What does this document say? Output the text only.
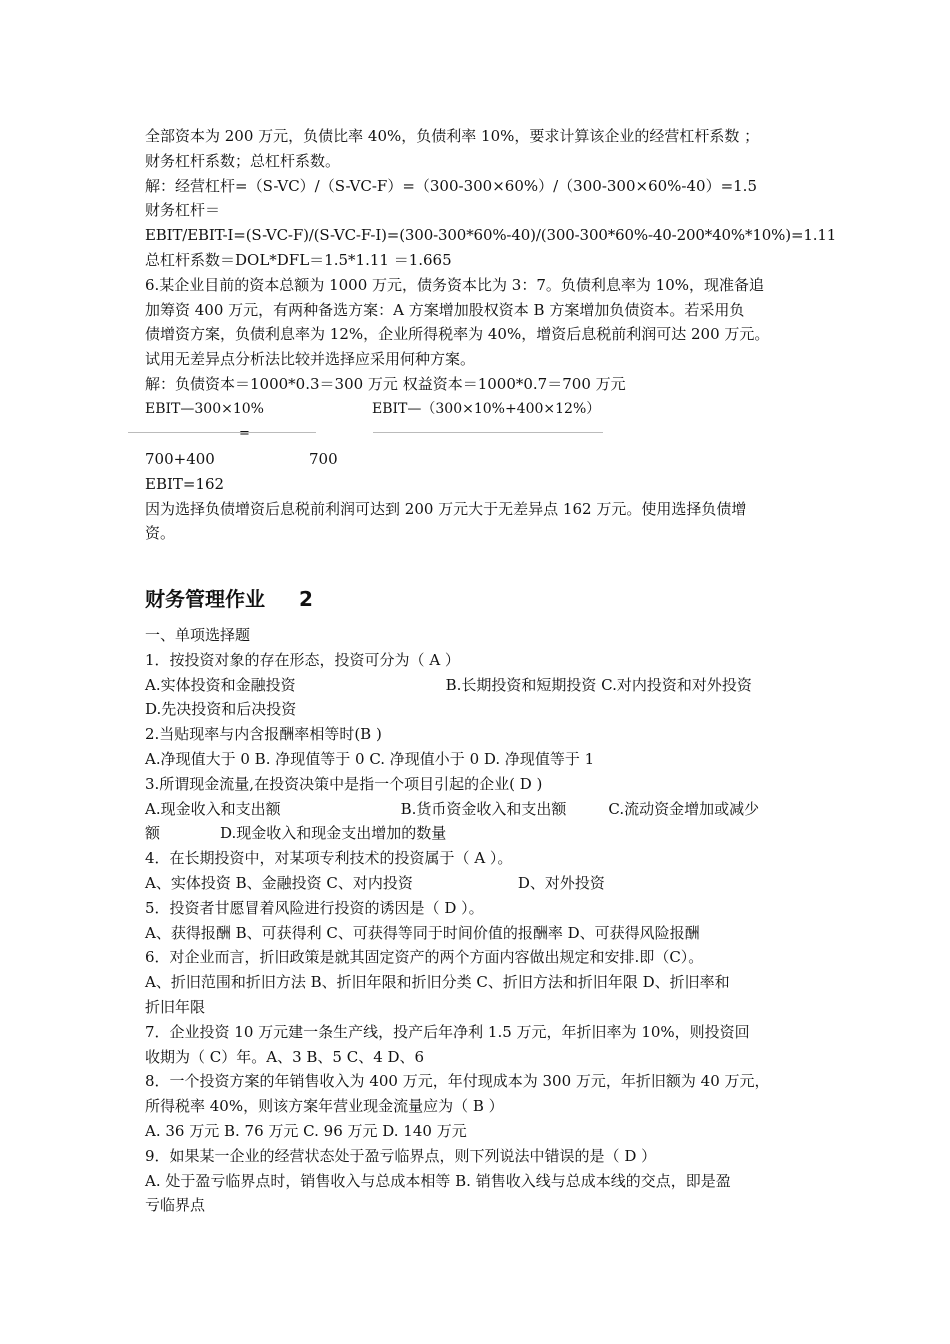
全部资本为 200 万元，负债比率 40%，负债利率 10%，要求计算该企业的经营杠杆系数 ；
财务杠杆系数；总杠杆系数。
解：经营杠杆=（S-VC）/（S-VC-F）=（300-300×60%）/（300-300×60%-40）=1.5
财务杠杆＝
EBIT/EBIT-I=(S-VC-F)/(S-VC-F-I)=(300-300*60%-40)/(300-300*60%-40-200*40%*10%)=1.11
总杠杆系数＝DOL*DFL＝1.5*1.11 ＝1.665
6.某企业目前的资本总额为 1000 万元，债务资本比为 3：7。负债利息率为 10%，现准备追
加筹资 400 万元，有两种备选方案：A 方案增加股权资本 B 方案增加负债资本。若采用负
债增资方案，负债利息率为 12%，企业所得税率为 40%，增资后息税前利润可达 200 万元。
试用无差异点分析法比较并选择应采用何种方案。
解：负债资本＝1000*0.3＝300 万元 权益资本＝1000*0.7＝700 万元
EBIT—300×10%	EBIT—（300×10%+400×12%）
=
700+400	700
EBIT=162
因为选择负债增资后息税前利润可达到 200 万元大于无差异点 162 万元。使用选择负债增
资。
财务管理作业 2
一、单项选择题
1．按投资对象的存在形态，投资可分为（ A ）
A.实体投资和金融投资	B.长期投资和短期投资 C.对内投资和对外投资
D.先决投资和后决投资
2.当贴现率与内含报酬率相等时(B )
A.净现值大于 0 B. 净现值等于 0 C. 净现值小于 0 D. 净现值等于 1
3.所谓现金流量,在投资决策中是指一个项目引起的企业( D )
A.现金收入和支出额	B.货币资金收入和支出额	C.流动资金增加或减少
额	D.现金收入和现金支出增加的数量
4．在长期投资中，对某项专利技术的投资属于（ A ）。
A、实体投资 B、金融投资 C、对内投资	D、对外投资
5．投资者甘愿冒着风险进行投资的诱因是（ D ）。
A、获得报酬 B、可获得利 C、可获得等同于时间价值的报酬率 D、可获得风险报酬
6．对企业而言，折旧政策是就其固定资产的两个方面内容做出规定和安排.即（C）。
A、折旧范围和折旧方法 B、折旧年限和折旧分类 C、折旧方法和折旧年限 D、折旧率和
折旧年限
7．企业投资 10 万元建一条生产线，投产后年净利 1.5 万元，年折旧率为 10%，则投资回
收期为（ C）年。A、3 B、5 C、4 D、6
8．一个投资方案的年销售收入为 400 万元，年付现成本为 300 万元，年折旧额为 40 万元，
所得税率 40%，则该方案年营业现金流量应为（ B ）
A. 36 万元 B. 76 万元 C. 96 万元 D. 140 万元
9．如果某一企业的经营状态处于盈亏临界点，则下列说法中错误的是（ D ）
A. 处于盈亏临界点时，销售收入与总成本相等 B. 销售收入线与总成本线的交点，即是盈
亏临界点
